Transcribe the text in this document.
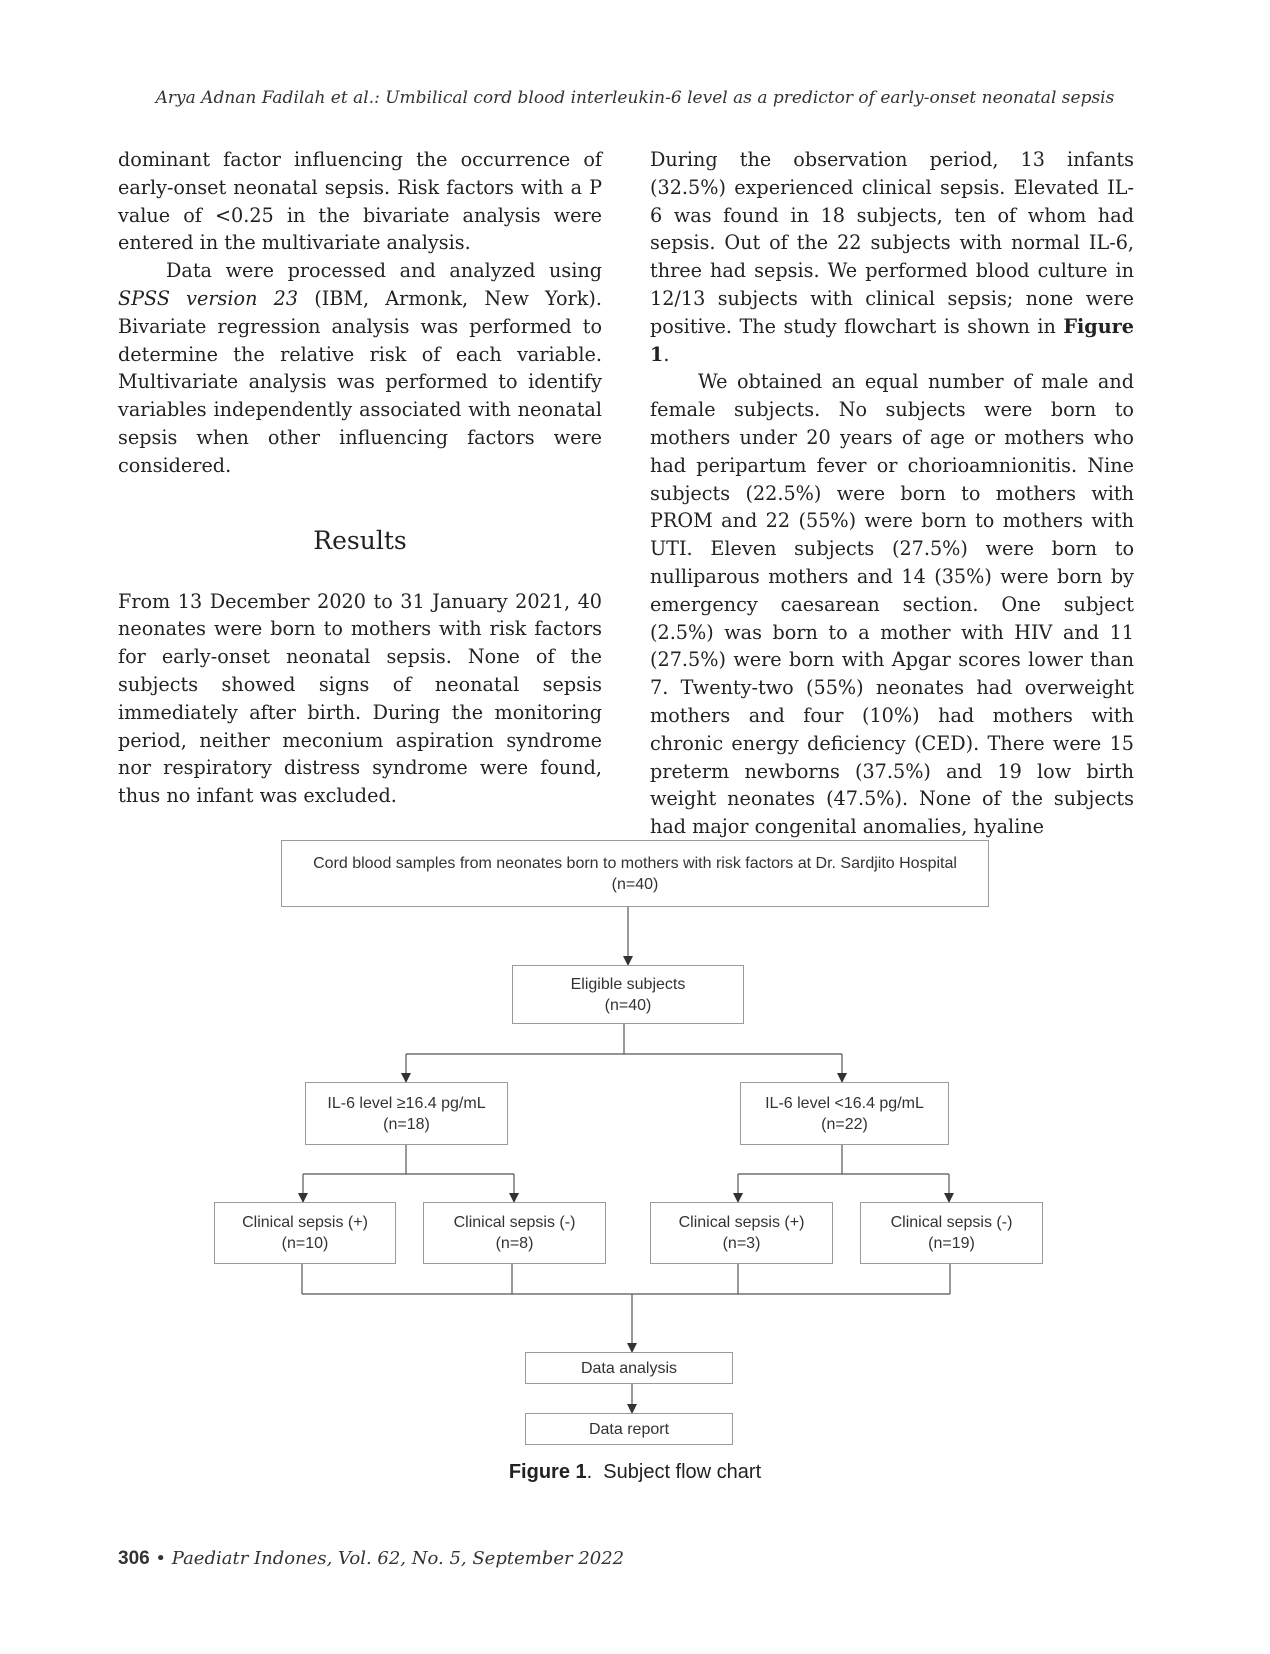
Arya Adnan Fadilah et al.: Umbilical cord blood interleukin-6 level as a predictor of early-onset neonatal sepsis

dominant factor influencing the occurrence of early-onset neonatal sepsis. Risk factors with a P value of <0.25 in the bivariate analysis were entered in the multivariate analysis.

Data were processed and analyzed using SPSS version 23 (IBM, Armonk, New York). Bivariate regression analysis was performed to determine the relative risk of each variable. Multivariate analysis was performed to identify variables independently associated with neonatal sepsis when other influencing factors were considered.

Results

From 13 December 2020 to 31 January 2021, 40 neonates were born to mothers with risk factors for early-onset neonatal sepsis. None of the subjects showed signs of neonatal sepsis immediately after birth. During the monitoring period, neither meconium aspiration syndrome nor respiratory distress syndrome were found, thus no infant was excluded.

During the observation period, 13 infants (32.5%) experienced clinical sepsis. Elevated IL-6 was found in 18 subjects, ten of whom had sepsis. Out of the 22 subjects with normal IL-6, three had sepsis. We performed blood culture in 12/13 subjects with clinical sepsis; none were positive. The study flowchart is shown in Figure 1.

We obtained an equal number of male and female subjects. No subjects were born to mothers under 20 years of age or mothers who had peripartum fever or chorioamnionitis. Nine subjects (22.5%) were born to mothers with PROM and 22 (55%) were born to mothers with UTI. Eleven subjects (27.5%) were born to nulliparous mothers and 14 (35%) were born by emergency caesarean section. One subject (2.5%) was born to a mother with HIV and 11 (27.5%) were born with Apgar scores lower than 7. Twenty-two (55%) neonates had overweight mothers and four (10%) had mothers with chronic energy deficiency (CED). There were 15 preterm newborns (37.5%) and 19 low birth weight neonates (47.5%). None of the subjects had major congenital anomalies, hyaline

Cord blood samples from neonates born to mothers with risk factors at Dr. Sardjito Hospital
(n=40)
Eligible subjects
(n=40)
IL-6 level ≥16.4 pg/mL
(n=18)
IL-6 level <16.4 pg/mL
(n=22)
Clinical sepsis (+)
(n=10)
Clinical sepsis (-)
(n=8)
Clinical sepsis (+)
(n=3)
Clinical sepsis (-)
(n=19)
Data analysis
Data report
Figure 1.  Subject flow chart
306 • Paediatr Indones, Vol. 62, No. 5, September 2022
